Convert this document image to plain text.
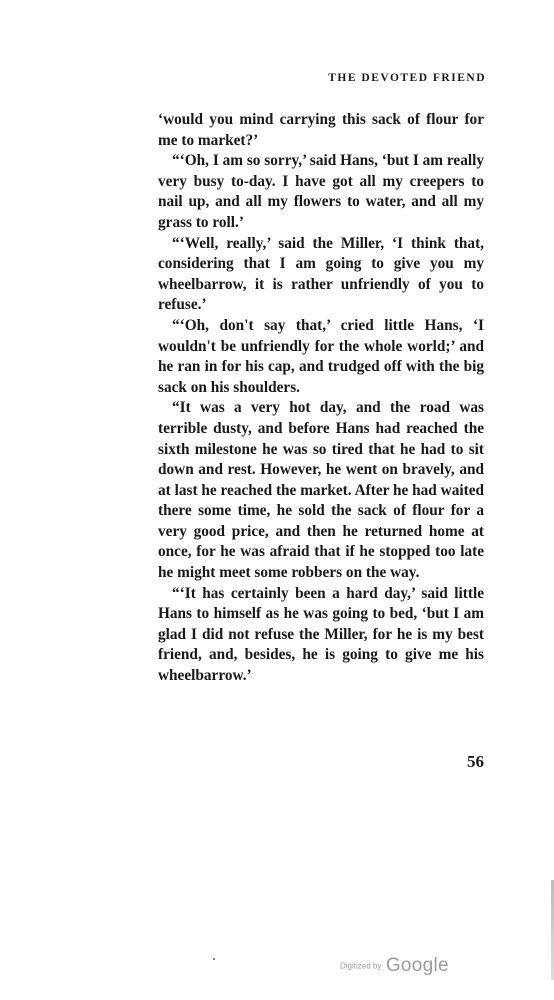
THE DEVOTED FRIEND

‘would you mind carrying this sack of flour for me to market?’

“‘Oh, I am so sorry,’ said Hans, ‘but I am really very busy to-day. I have got all my creepers to nail up, and all my flowers to water, and all my grass to roll.’

“‘Well, really,’ said the Miller, ‘I think that, considering that I am going to give you my wheelbarrow, it is rather unfriendly of you to refuse.’

“‘Oh, don't say that,’ cried little Hans, ‘I wouldn't be unfriendly for the whole world;’ and he ran in for his cap, and trudged off with the big sack on his shoulders.

“It was a very hot day, and the road was terrible dusty, and before Hans had reached the sixth milestone he was so tired that he had to sit down and rest. However, he went on bravely, and at last he reached the market. After he had waited there some time, he sold the sack of flour for a very good price, and then he returned home at once, for he was afraid that if he stopped too late he might meet some robbers on the way.

“‘It has certainly been a hard day,’ said little Hans to himself as he was going to bed, ‘but I am glad I did not refuse the Miller, for he is my best friend, and, besides, he is going to give me his wheelbarrow.’

56
Digitized by Google
